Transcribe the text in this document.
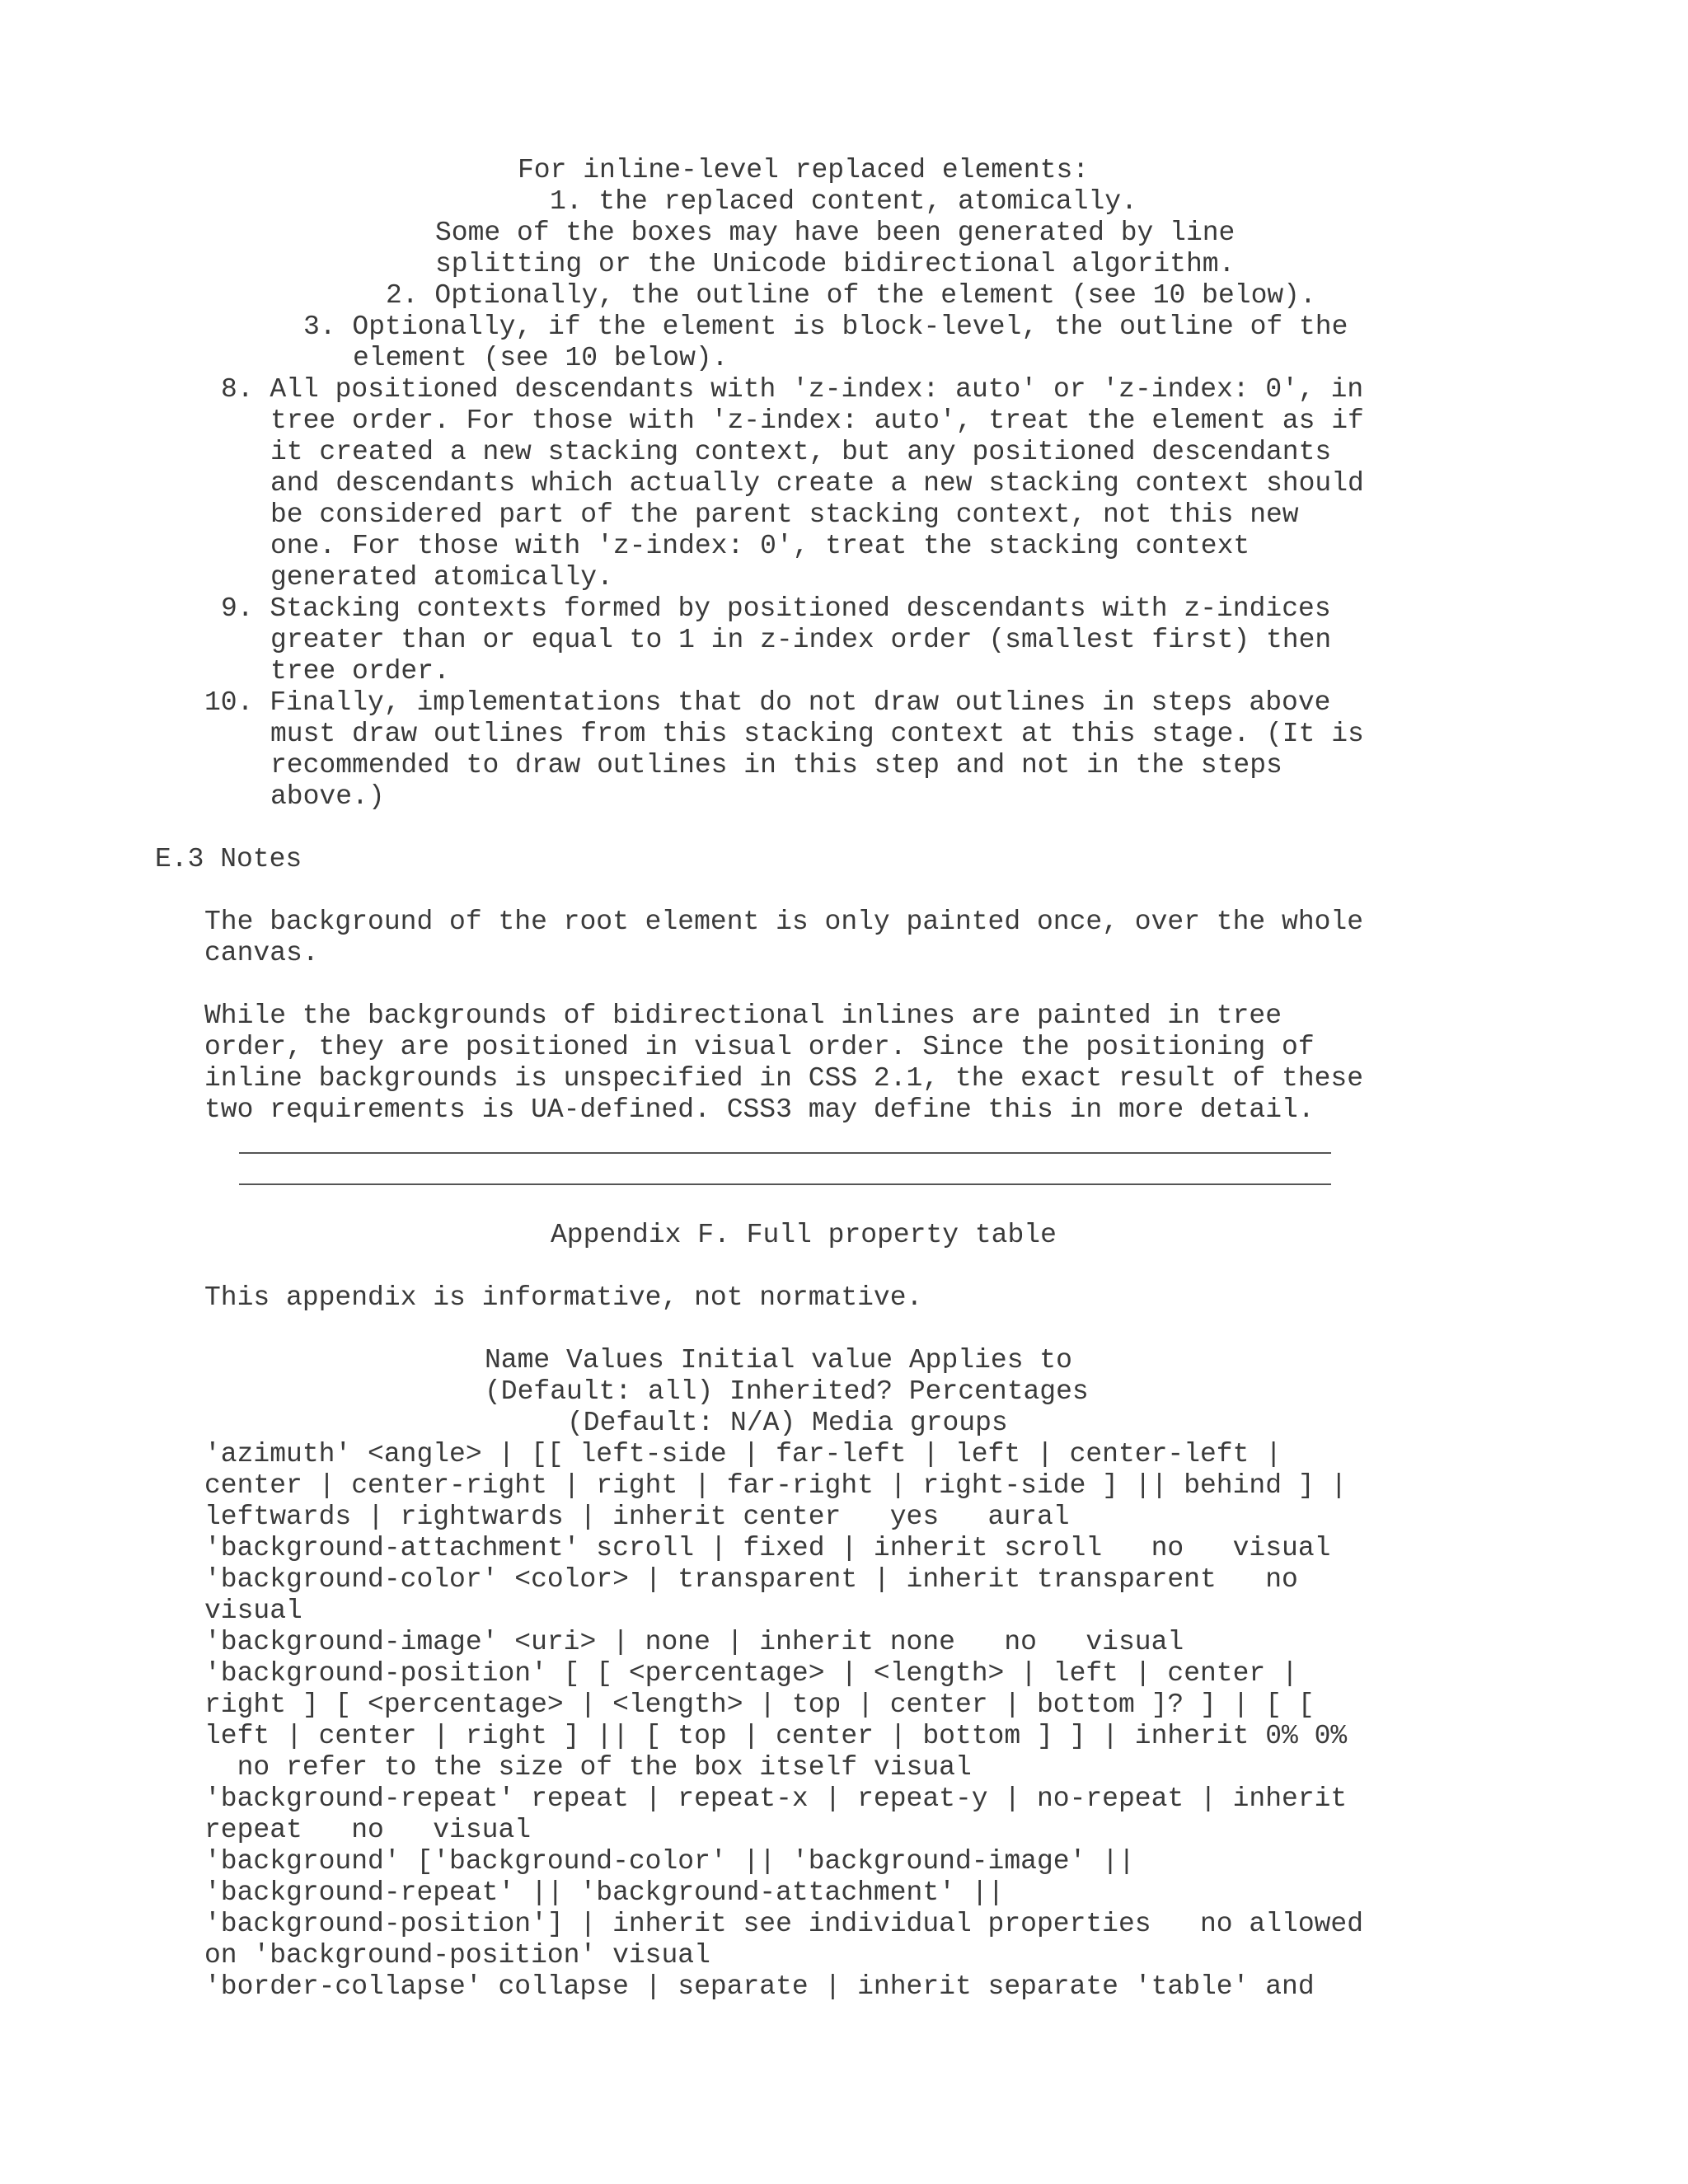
For inline-level replaced elements:
1. the replaced content, atomically.
Some of the boxes may have been generated by line
splitting or the Unicode bidirectional algorithm.
2. Optionally, the outline of the element (see 10 below).
3. Optionally, if the element is block-level, the outline of the
element (see 10 below).
8. All positioned descendants with 'z-index: auto' or 'z-index: 0', in
tree order. For those with 'z-index: auto', treat the element as if
it created a new stacking context, but any positioned descendants
and descendants which actually create a new stacking context should
be considered part of the parent stacking context, not this new
one. For those with 'z-index: 0', treat the stacking context
generated atomically.
9. Stacking contexts formed by positioned descendants with z-indices
greater than or equal to 1 in z-index order (smallest first) then
tree order.
10. Finally, implementations that do not draw outlines in steps above
must draw outlines from this stacking context at this stage. (It is
recommended to draw outlines in this step and not in the steps
above.)
E.3 Notes
The background of the root element is only painted once, over the whole
canvas.
While the backgrounds of bidirectional inlines are painted in tree
order, they are positioned in visual order. Since the positioning of
inline backgrounds is unspecified in CSS 2.1, the exact result of these
two requirements is UA-defined. CSS3 may define this in more detail.
Appendix F. Full property table
This appendix is informative, not normative.
Name Values Initial value Applies to
(Default: all) Inherited? Percentages
(Default: N/A) Media groups
'azimuth' <angle> | [[ left-side | far-left | left | center-left |
center | center-right | right | far-right | right-side ] || behind ] |
leftwards | rightwards | inherit center   yes   aural
'background-attachment' scroll | fixed | inherit scroll   no   visual
'background-color' <color> | transparent | inherit transparent   no
visual
'background-image' <uri> | none | inherit none   no   visual
'background-position' [ [ <percentage> | <length> | left | center |
right ] [ <percentage> | <length> | top | center | bottom ]? ] | [ [
left | center | right ] || [ top | center | bottom ] ] | inherit 0% 0%
no refer to the size of the box itself visual
'background-repeat' repeat | repeat-x | repeat-y | no-repeat | inherit
repeat   no   visual
'background' ['background-color' || 'background-image' ||
'background-repeat' || 'background-attachment' ||
'background-position'] | inherit see individual properties   no allowed
on 'background-position' visual
'border-collapse' collapse | separate | inherit separate 'table' and
